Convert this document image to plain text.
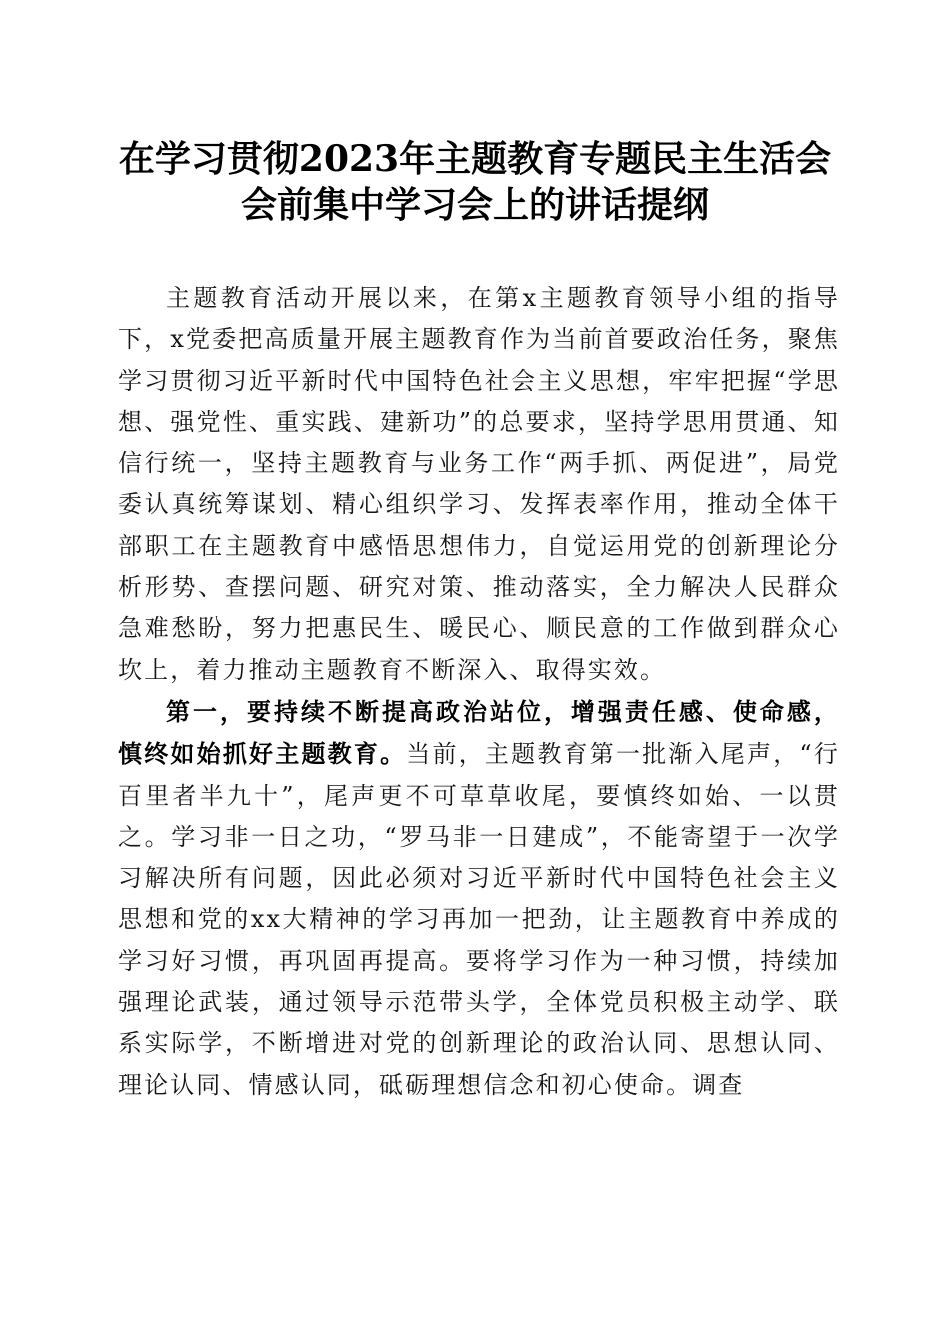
在学习贯彻2023年主题教育专题民主生活会
会前集中学习会上的讲话提纲

主题教育活动开展以来，在第x主题教育领导小组的指导下，x党委把高质量开展主题教育作为当前首要政治任务，聚焦学习贯彻习近平新时代中国特色社会主义思想，牢牢把握“学思想、强党性、重实践、建新功”的总要求，坚持学思用贯通、知信行统一，坚持主题教育与业务工作“两手抓、两促进”，局党委认真统筹谋划、精心组织学习、发挥表率作用，推动全体干部职工在主题教育中感悟思想伟力，自觉运用党的创新理论分析形势、查摆问题、研究对策、推动落实，全力解决人民群众急难愁盼，努力把惠民生、暖民心、顺民意的工作做到群众心坎上，着力推动主题教育不断深入、取得实效。

第一，要持续不断提高政治站位，增强责任感、使命感，慎终如始抓好主题教育。当前，主题教育第一批渐入尾声，“行百里者半九十”，尾声更不可草草收尾，要慎终如始、一以贯之。学习非一日之功，“罗马非一日建成”，不能寄望于一次学习解决所有问题，因此必须对习近平新时代中国特色社会主义思想和党的xx大精神的学习再加一把劲，让主题教育中养成的学习好习惯，再巩固再提高。要将学习作为一种习惯，持续加强理论武装，通过领导示范带头学，全体党员积极主动学、联系实际学，不断增进对党的创新理论的政治认同、思想认同、理论认同、情感认同，砥砺理想信念和初心使命。调查
